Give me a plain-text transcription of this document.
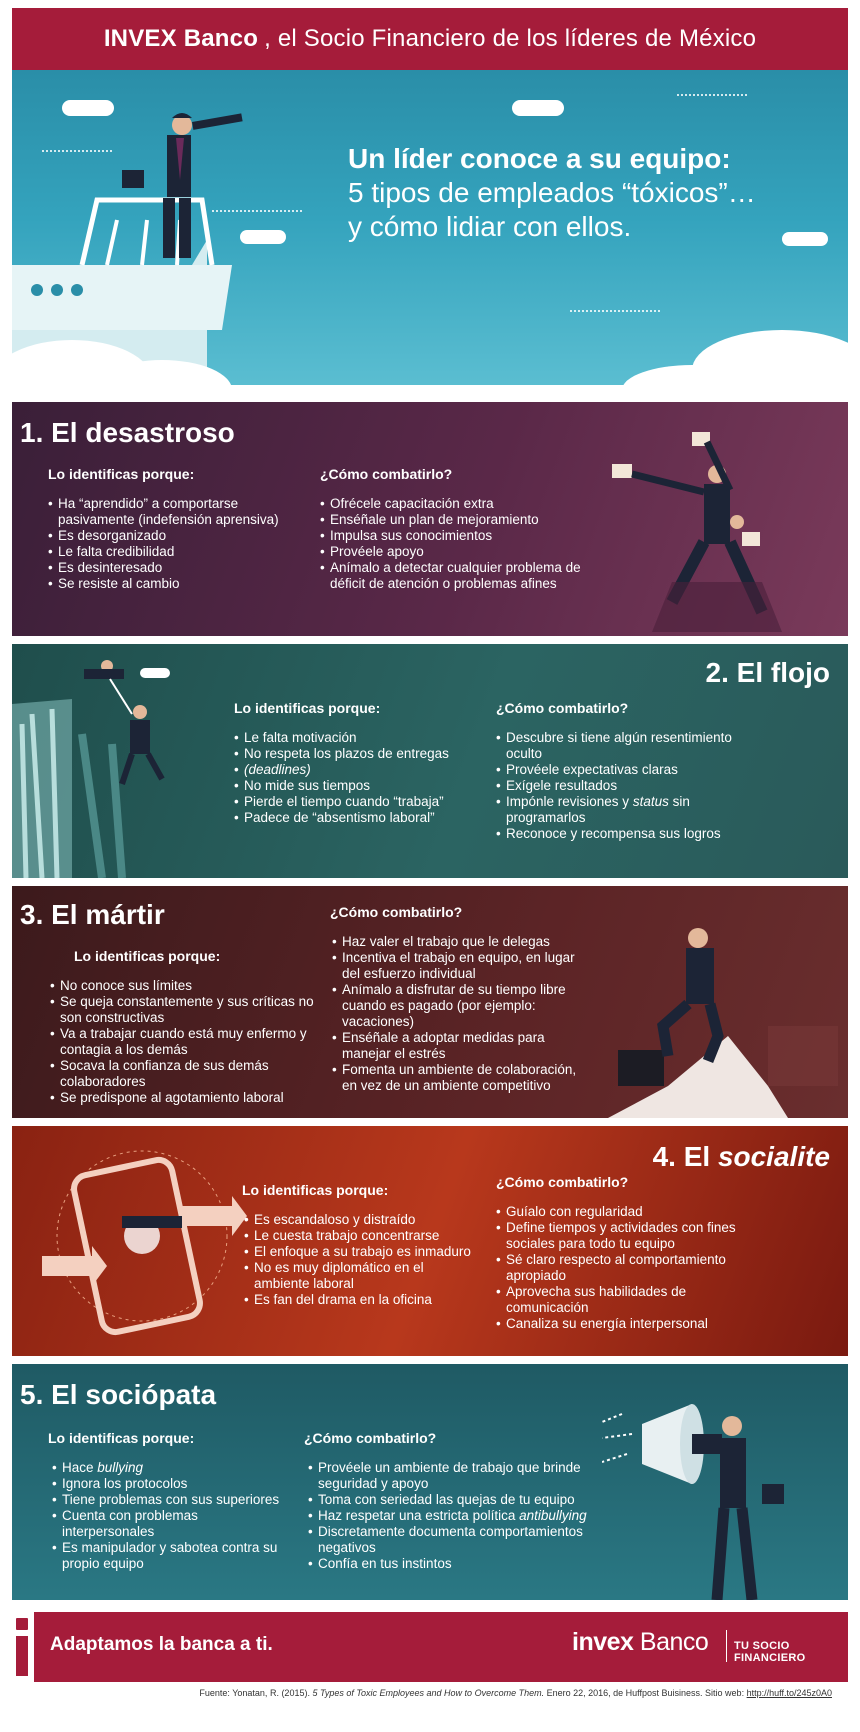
INVEX Banco , el Socio Financiero de los líderes de México
Un líder conoce a su equipo:
5 tipos de empleados “tóxicos”…
y cómo lidiar con ellos.
1. El desastroso
Lo identificas porque:
• Ha “aprendido” a comportarse
pasivamente (indefensión aprensiva)
• Es desorganizado
• Le falta credibilidad
• Es desinteresado
• Se resiste al cambio
¿Cómo combatirlo?
• Ofrécele capacitación extra
• Enséñale un plan de mejoramiento
• Impulsa sus conocimientos
• Provéele apoyo
• Anímalo a detectar cualquier problema de
déficit de atención o problemas afines
2. El flojo
Lo identificas porque:
• Le falta motivación
• No respeta los plazos de entregas
• (deadlines)
• No mide sus tiempos
• Pierde el tiempo cuando “trabaja”
• Padece de “absentismo laboral”
¿Cómo combatirlo?
• Descubre si tiene algún resentimiento
oculto
• Provéele expectativas claras
• Exígele resultados
• Impónle revisiones y status sin
programarlos
• Reconoce y recompensa sus logros
3. El mártir
Lo identificas porque:
• No conoce sus límites
• Se queja constantemente y sus críticas no
son constructivas
• Va a trabajar cuando está muy enfermo y
contagia a los demás
• Socava la confianza de sus demás
colaboradores
• Se predispone al agotamiento laboral
¿Cómo combatirlo?
• Haz valer el trabajo que le delegas
• Incentiva el trabajo en equipo, en lugar
del esfuerzo individual
• Anímalo a disfrutar de su tiempo libre
cuando es pagado (por ejemplo:
vacaciones)
• Enséñale a adoptar medidas para
manejar el estrés
• Fomenta un ambiente de colaboración,
en vez de un ambiente competitivo
4. El socialite
Lo identificas porque:
• Es escandaloso y distraído
• Le cuesta trabajo concentrarse
• El enfoque a su trabajo es inmaduro
• No es muy diplomático en el
ambiente laboral
• Es fan del drama en la oficina
¿Cómo combatirlo?
• Guíalo con regularidad
• Define tiempos y actividades con fines
sociales para todo tu equipo
• Sé claro respecto al comportamiento
apropiado
• Aprovecha sus habilidades de
comunicación
• Canaliza su energía interpersonal
5. El sociópata
Lo identificas porque:
• Hace bullying
• Ignora los protocolos
• Tiene problemas con sus superiores
• Cuenta con problemas
interpersonales
• Es manipulador y sabotea contra su
propio equipo
¿Cómo combatirlo?
• Provéele un ambiente de trabajo que brinde
seguridad y apoyo
• Toma con seriedad las quejas de tu equipo
• Haz respetar una estricta política antibullying
• Discretamente documenta comportamientos
negativos
• Confía en tus instintos
Adaptamos la banca a ti.	invex Banco TU SOCIO FINANCIERO
Fuente: Yonatan, R. (2015). 5 Types of Toxic Employees and How to Overcome Them. Enero 22, 2016, de Huffpost Buisiness. Sitio web: http://huff.to/245z0A0
